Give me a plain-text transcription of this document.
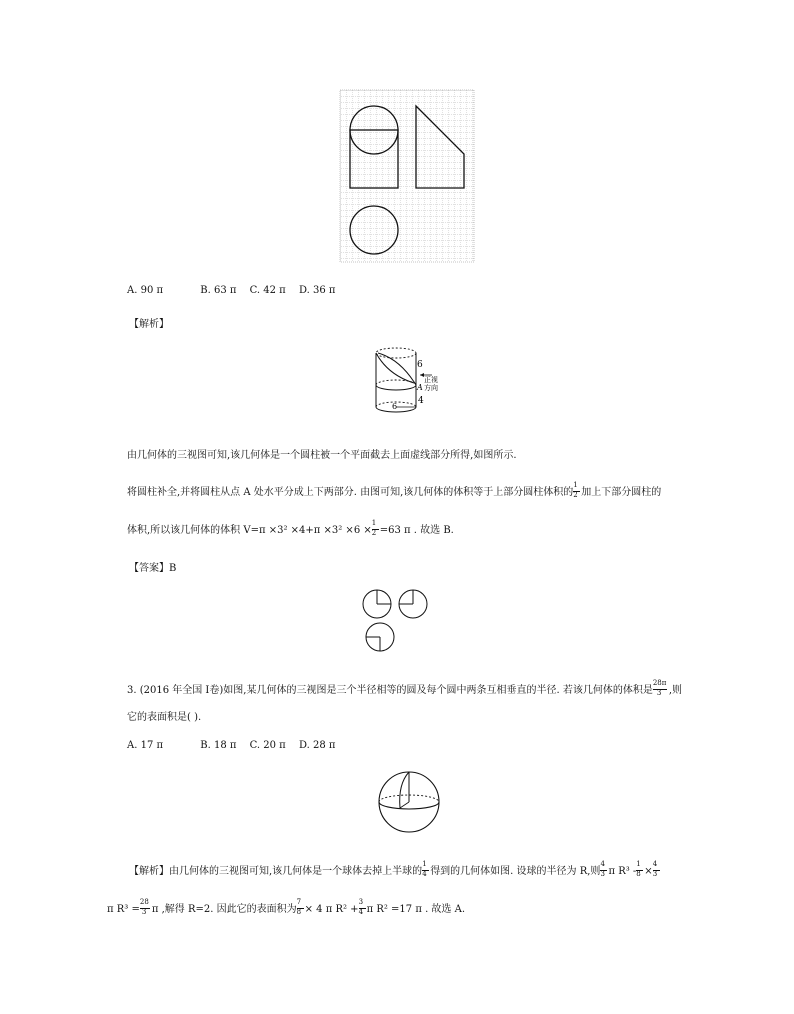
A. 90 π	B. 63 π C. 42 π D. 36 π
【解析】
6
正视
A 方向
4
6
由几何体的三视图可知,该几何体是一个圆柱被一个平面截去上面虚线部分所得,如图所示.
将圆柱补全,并将圆柱从点 A 处水平分成上下两部分. 由图可知,该几何体的体积等于上部分圆柱体积的 $\frac{1}{2}$ 加上下部分圆柱的
体积,所以该几何体的体积 $V=\pi \times 3^2 \times 4+\pi \times 3^2 \times 6 \times \frac{1}{2} =63$ π . 故选 B.
【答案】B
3. (2016 年全国 Ⅰ卷)如图,某几何体的三视图是三个半径相等的圆及每个圆中两条互相垂直的半径. 若该几何体的体积是 $\frac{28\pi}{3}$ ,则
它的表面积是( ).
A. 17 π	B. 18 π C. 20 π D. 28 π
【解析】由几何体的三视图可知,该几何体是一个球体去掉上半球的 $\frac{1}{4}$ 得到的几何体如图. 设球的半径为 R,则 $\frac{4}{3}$ π $R^3 - \frac{1}{8} \times \frac{4}{3}$
π $R^3 = \frac{28}{3}$ π ,解得 R=2. 因此它的表面积为 $\frac{7}{8} \times 4$ π $R^2 + \frac{3}{4}$ π R² =17 π . 故选 A.
